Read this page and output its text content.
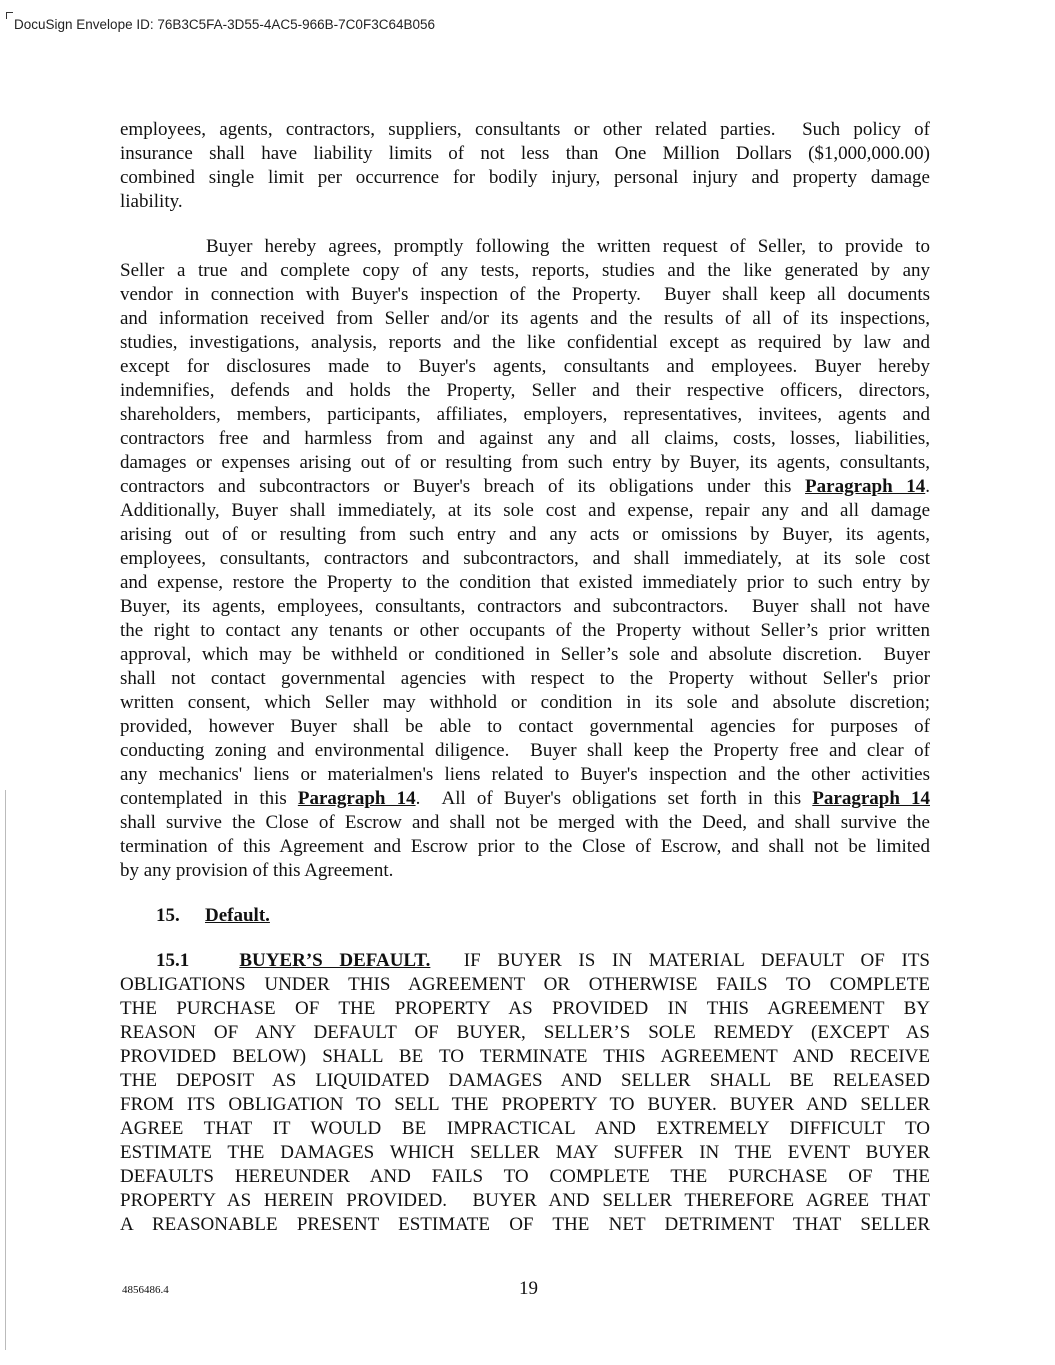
DocuSign Envelope ID: 76B3C5FA-3D55-4AC5-966B-7C0F3C64B056
employees, agents, contractors, suppliers, consultants or other related parties.  Such policy of
insurance shall have liability limits of not less than One Million Dollars ($1,000,000.00)
combined single limit per occurrence for bodily injury, personal injury and property damage
liability.
Buyer hereby agrees, promptly following the written request of Seller, to provide to
Seller a true and complete copy of any tests, reports, studies and the like generated by any
vendor in connection with Buyer's inspection of the Property.  Buyer shall keep all documents
and information received from Seller and/or its agents and the results of all of its inspections,
studies, investigations, analysis, reports and the like confidential except as required by law and
except for disclosures made to Buyer's agents, consultants and employees. Buyer hereby
indemnifies, defends and holds the Property, Seller and their respective officers, directors,
shareholders, members, participants, affiliates, employers, representatives, invitees, agents and
contractors free and harmless from and against any and all claims, costs, losses, liabilities,
damages or expenses arising out of or resulting from such entry by Buyer, its agents, consultants,
contractors and subcontractors or Buyer's breach of its obligations under this Paragraph 14.
Additionally, Buyer shall immediately, at its sole cost and expense, repair any and all damage
arising out of or resulting from such entry and any acts or omissions by Buyer, its agents,
employees, consultants, contractors and subcontractors, and shall immediately, at its sole cost
and expense, restore the Property to the condition that existed immediately prior to such entry by
Buyer, its agents, employees, consultants, contractors and subcontractors.  Buyer shall not have
the right to contact any tenants or other occupants of the Property without Seller’s prior written
approval, which may be withheld or conditioned in Seller’s sole and absolute discretion.  Buyer
shall not contact governmental agencies with respect to the Property without Seller's prior
written consent, which Seller may withhold or condition in its sole and absolute discretion;
provided, however Buyer shall be able to contact governmental agencies for purposes of
conducting zoning and environmental diligence.  Buyer shall keep the Property free and clear of
any mechanics' liens or materialmen's liens related to Buyer's inspection and the other activities
contemplated in this Paragraph 14.  All of Buyer's obligations set forth in this Paragraph 14
shall survive the Close of Escrow and shall not be merged with the Deed, and shall survive the
termination of this Agreement and Escrow prior to the Close of Escrow, and shall not be limited
by any provision of this Agreement.
15. Default.
15.1	BUYER’S DEFAULT.  IF BUYER IS IN MATERIAL DEFAULT OF ITS
OBLIGATIONS UNDER THIS AGREEMENT OR OTHERWISE FAILS TO COMPLETE
THE PURCHASE OF THE PROPERTY AS PROVIDED IN THIS AGREEMENT BY
REASON OF ANY DEFAULT OF BUYER, SELLER’S SOLE REMEDY (EXCEPT AS
PROVIDED BELOW) SHALL BE TO TERMINATE THIS AGREEMENT AND RECEIVE
THE DEPOSIT AS LIQUIDATED DAMAGES AND SELLER SHALL BE RELEASED
FROM ITS OBLIGATION TO SELL THE PROPERTY TO BUYER. BUYER AND SELLER
AGREE THAT IT WOULD BE IMPRACTICAL AND EXTREMELY DIFFICULT TO
ESTIMATE THE DAMAGES WHICH SELLER MAY SUFFER IN THE EVENT BUYER
DEFAULTS HEREUNDER AND FAILS TO COMPLETE THE PURCHASE OF THE
PROPERTY AS HEREIN PROVIDED.  BUYER AND SELLER THEREFORE AGREE THAT
A REASONABLE PRESENT ESTIMATE OF THE NET DETRIMENT THAT SELLER
4856486.4	19
